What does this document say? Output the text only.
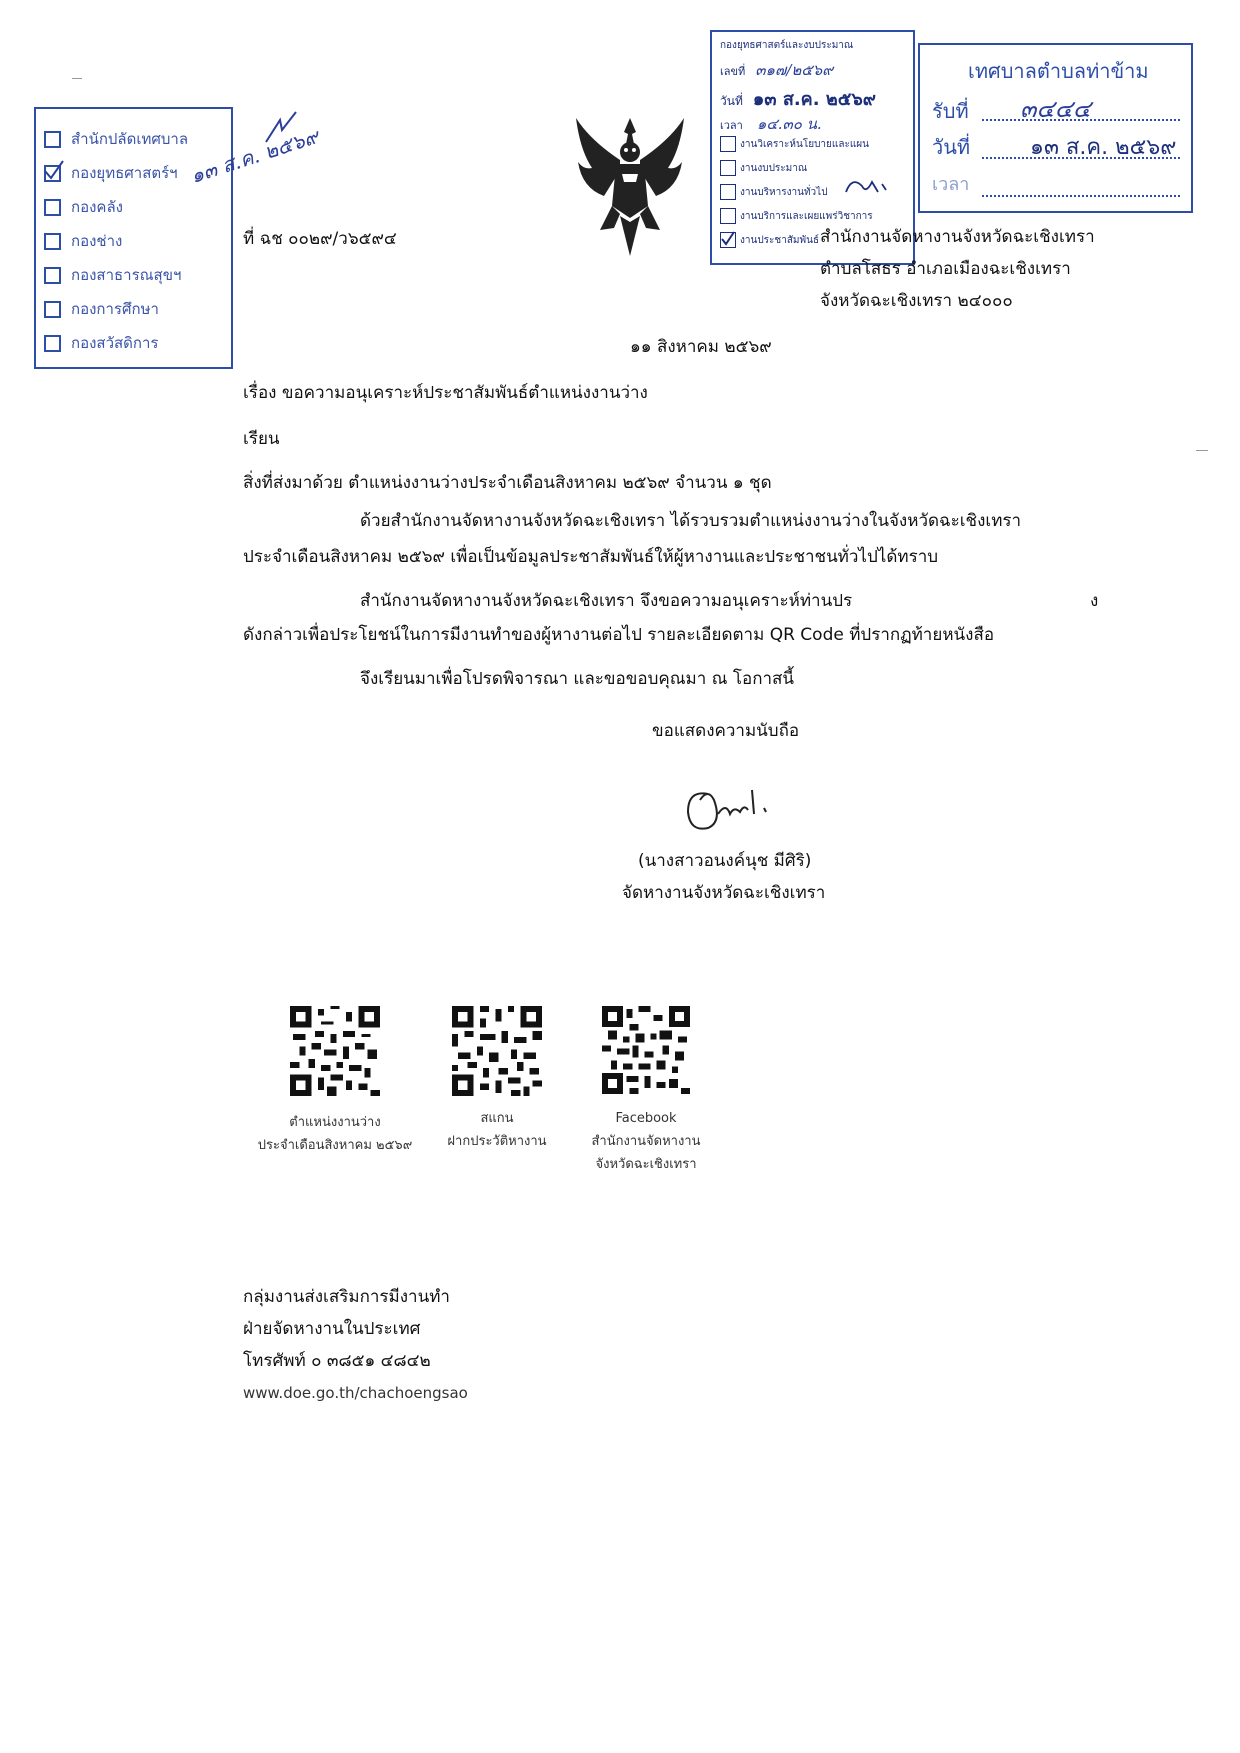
สำนักปลัดเทศบาล
กองยุทธศาสตร์ฯ
กองคลัง
กองช่าง
กองสาธารณสุขฯ
กองการศึกษา
กองสวัสดิการ
๑๓ ส.ค. ๒๕๖๙
ที่ ฉช ๐๐๒๙/ว๖๕๙๔
กองยุทธศาสตร์และงบประมาณ
เลขที่ ๓๑๗/๒๕๖๙
วันที่ ๑๓ ส.ค. ๒๕๖๙
เวลา ๑๔.๓๐ น.
งานวิเคราะห์นโยบายและแผน
งานงบประมาณ
งานบริหารงานทั่วไป
งานบริการและเผยแพร่วิชาการ
งานประชาสัมพันธ์
เทศบาลตำบลท่าข้าม
รับที่ ๓๔๔๔
วันที่	๑๓ ส.ค. ๒๕๖๙
เวลา
สำนักงานจัดหางานจังหวัดฉะเชิงเทรา
ตำบลโสธร อำเภอเมืองฉะเชิงเทรา
จังหวัดฉะเชิงเทรา ๒๔๐๐๐
๑๑ สิงหาคม ๒๕๖๙
เรื่อง ขอความอนุเคราะห์ประชาสัมพันธ์ตำแหน่งงานว่าง
เรียน
สิ่งที่ส่งมาด้วย ตำแหน่งงานว่างประจำเดือนสิงหาคม ๒๕๖๙ จำนวน ๑ ชุด
ด้วยสำนักงานจัดหางานจังหวัดฉะเชิงเทรา ได้รวบรวมตำแหน่งงานว่างในจังหวัดฉะเชิงเทรา
ประจำเดือนสิงหาคม ๒๕๖๙ เพื่อเป็นข้อมูลประชาสัมพันธ์ให้ผู้หางานและประชาชนทั่วไปได้ทราบ
สำนักงานจัดหางานจังหวัดฉะเชิงเทรา จึงขอความอนุเคราะห์ท่านปร	ง
ดังกล่าวเพื่อประโยชน์ในการมีงานทำของผู้หางานต่อไป รายละเอียดตาม QR Code ที่ปรากฏท้ายหนังสือ
จึงเรียนมาเพื่อโปรดพิจารณา และขอขอบคุณมา ณ โอกาสนี้
ขอแสดงความนับถือ
(นางสาวอนงค์นุช มีศิริ)
จัดหางานจังหวัดฉะเชิงเทรา
ตำแหน่งงานว่าง
ประจำเดือนสิงหาคม ๒๕๖๙
สแกน
ฝากประวัติหางาน
Facebook
สำนักงานจัดหางาน
จังหวัดฉะเชิงเทรา
กลุ่มงานส่งเสริมการมีงานทำ
ฝ่ายจัดหางานในประเทศ
โทรศัพท์ ๐ ๓๘๕๑ ๔๘๔๒
www.doe.go.th/chachoengsao
